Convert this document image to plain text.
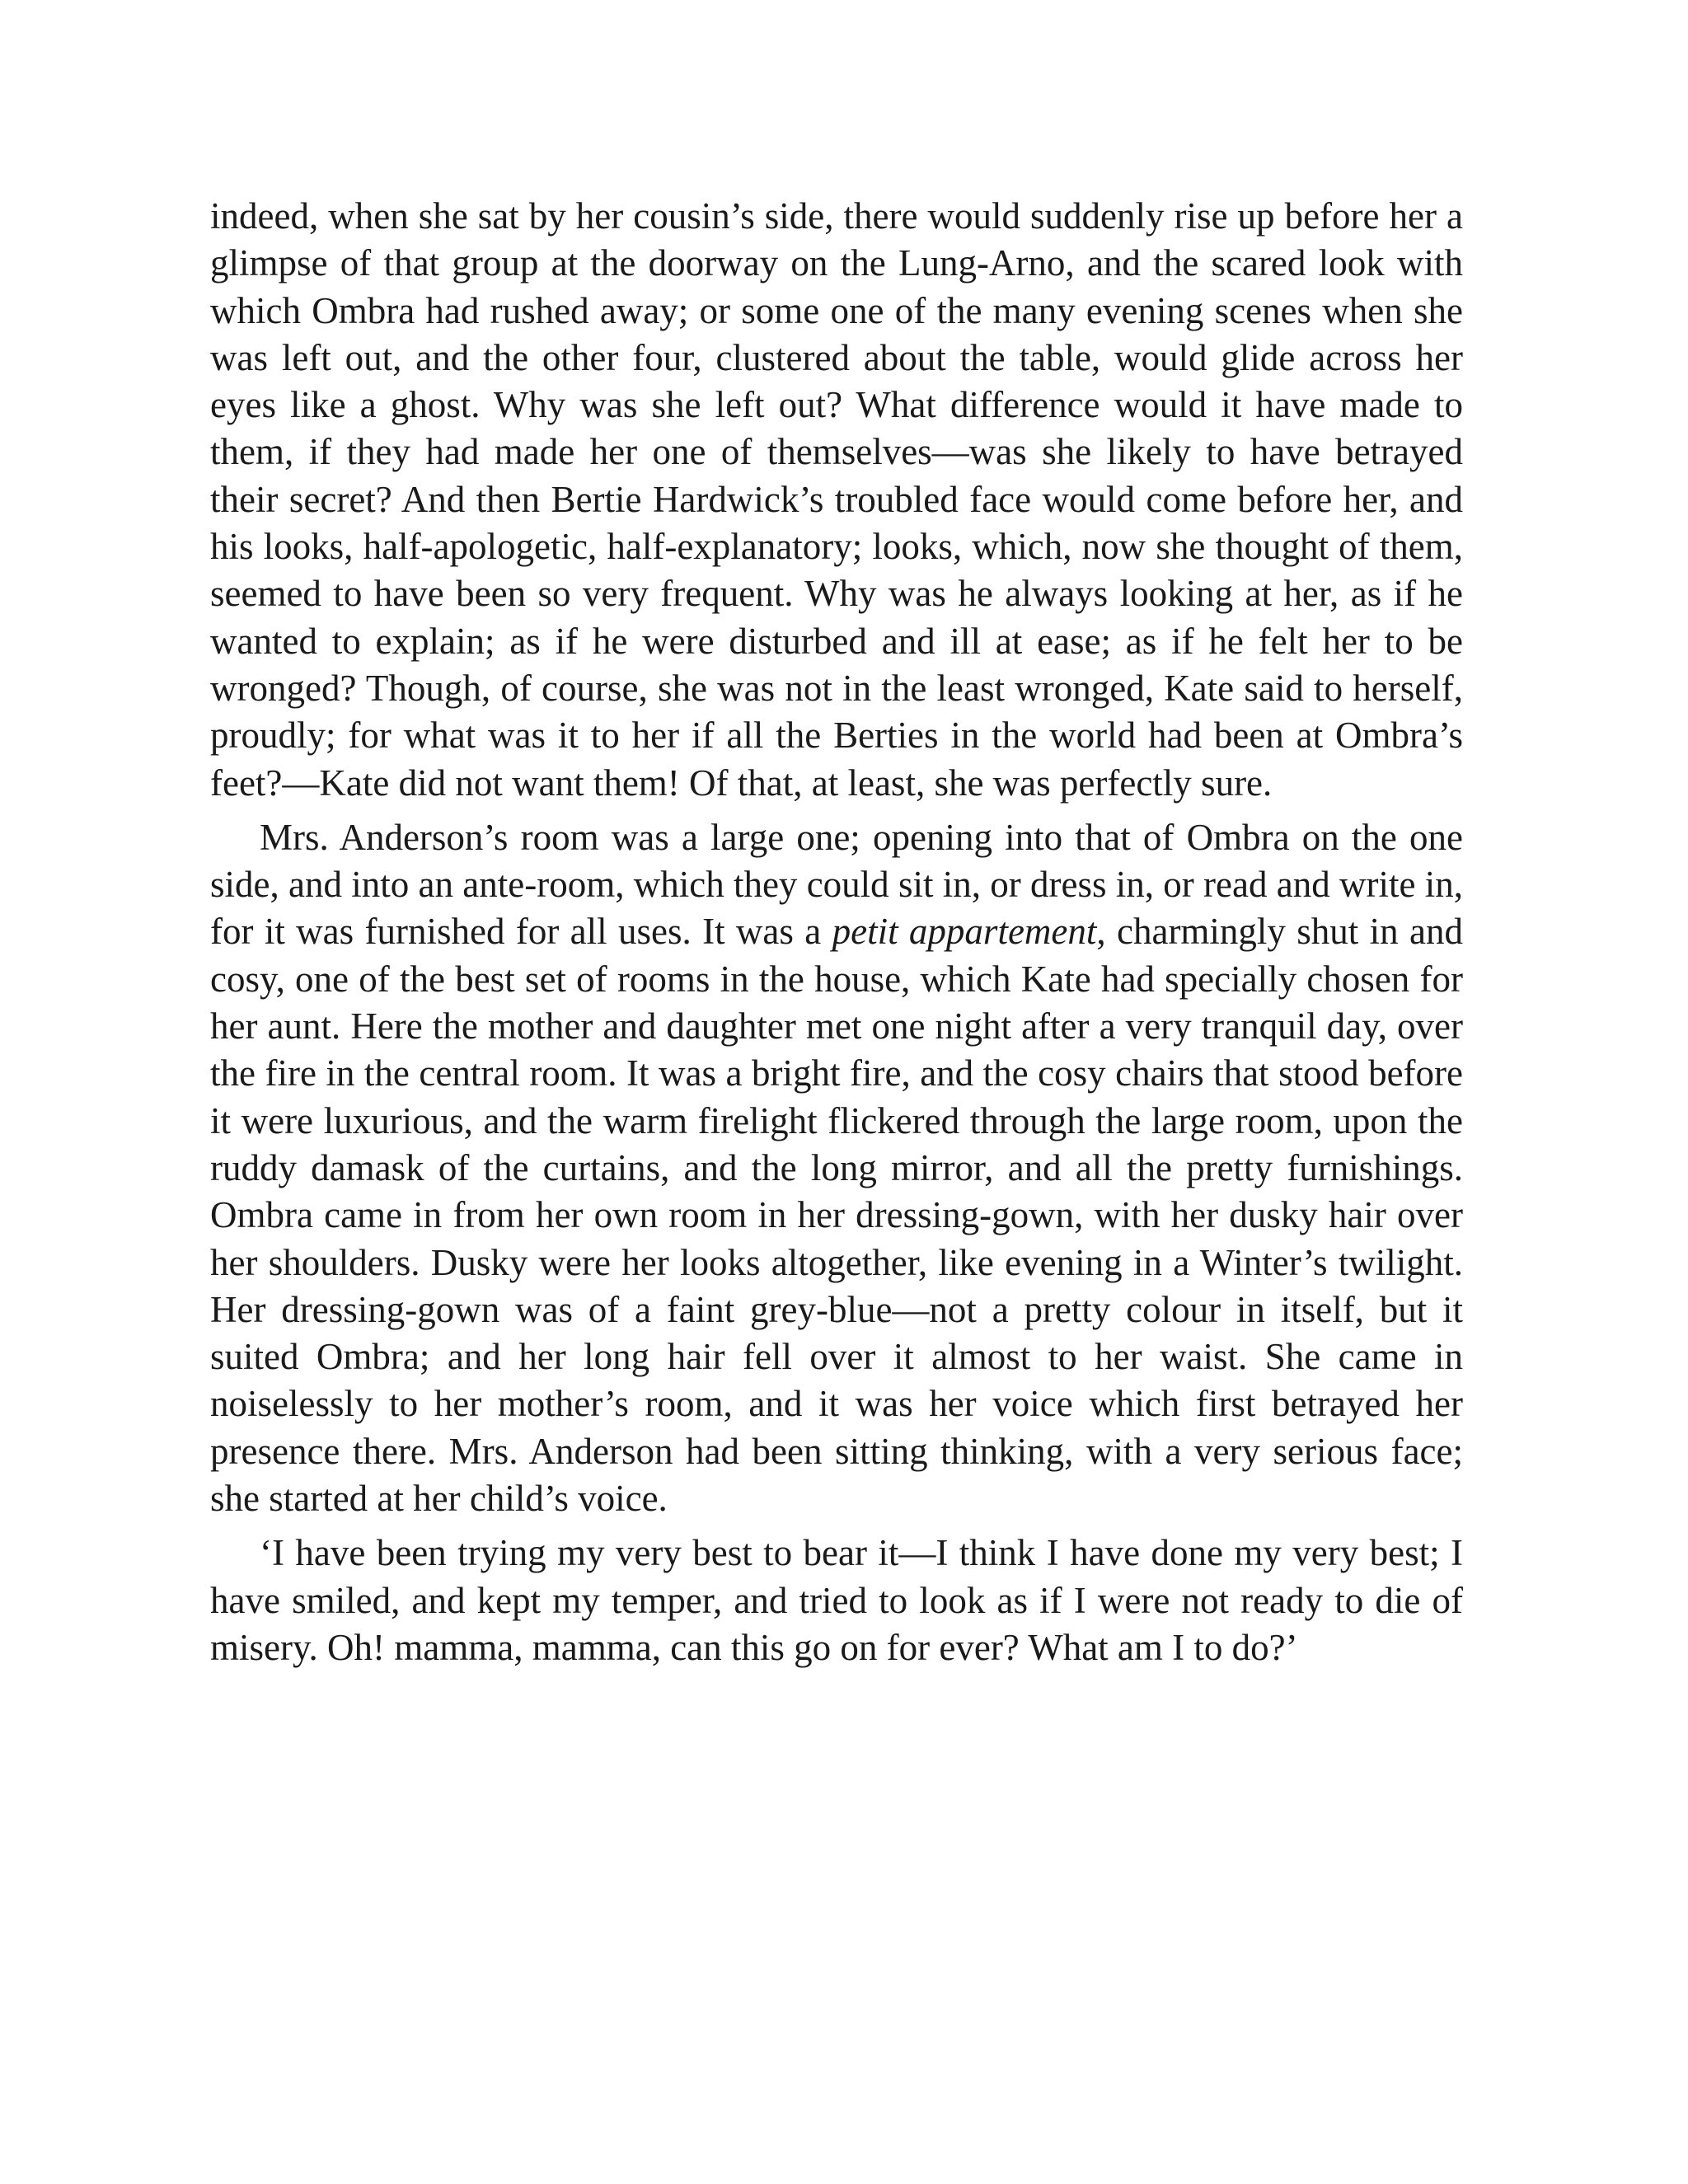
indeed, when she sat by her cousin’s side, there would suddenly rise up before her a glimpse of that group at the doorway on the Lung-Arno, and the scared look with which Ombra had rushed away; or some one of the many evening scenes when she was left out, and the other four, clustered about the table, would glide across her eyes like a ghost. Why was she left out? What difference would it have made to them, if they had made her one of themselves—was she likely to have betrayed their secret? And then Bertie Hardwick’s troubled face would come before her, and his looks, half-apologetic, half-explanatory; looks, which, now she thought of them, seemed to have been so very frequent. Why was he always looking at her, as if he wanted to explain; as if he were disturbed and ill at ease; as if he felt her to be wronged? Though, of course, she was not in the least wronged, Kate said to herself, proudly; for what was it to her if all the Berties in the world had been at Ombra’s feet?—Kate did not want them! Of that, at least, she was perfectly sure.

Mrs. Anderson’s room was a large one; opening into that of Ombra on the one side, and into an ante-room, which they could sit in, or dress in, or read and write in, for it was furnished for all uses. It was a petit appartement, charmingly shut in and cosy, one of the best set of rooms in the house, which Kate had specially chosen for her aunt. Here the mother and daughter met one night after a very tranquil day, over the fire in the central room. It was a bright fire, and the cosy chairs that stood before it were luxurious, and the warm firelight flickered through the large room, upon the ruddy damask of the curtains, and the long mirror, and all the pretty furnishings. Ombra came in from her own room in her dressing-gown, with her dusky hair over her shoulders. Dusky were her looks altogether, like evening in a Winter’s twilight. Her dressing-gown was of a faint grey-blue—not a pretty colour in itself, but it suited Ombra; and her long hair fell over it almost to her waist. She came in noiselessly to her mother’s room, and it was her voice which first betrayed her presence there. Mrs. Anderson had been sitting thinking, with a very serious face; she started at her child’s voice.

‘I have been trying my very best to bear it—I think I have done my very best; I have smiled, and kept my temper, and tried to look as if I were not ready to die of misery. Oh! mamma, mamma, can this go on for ever? What am I to do?’
